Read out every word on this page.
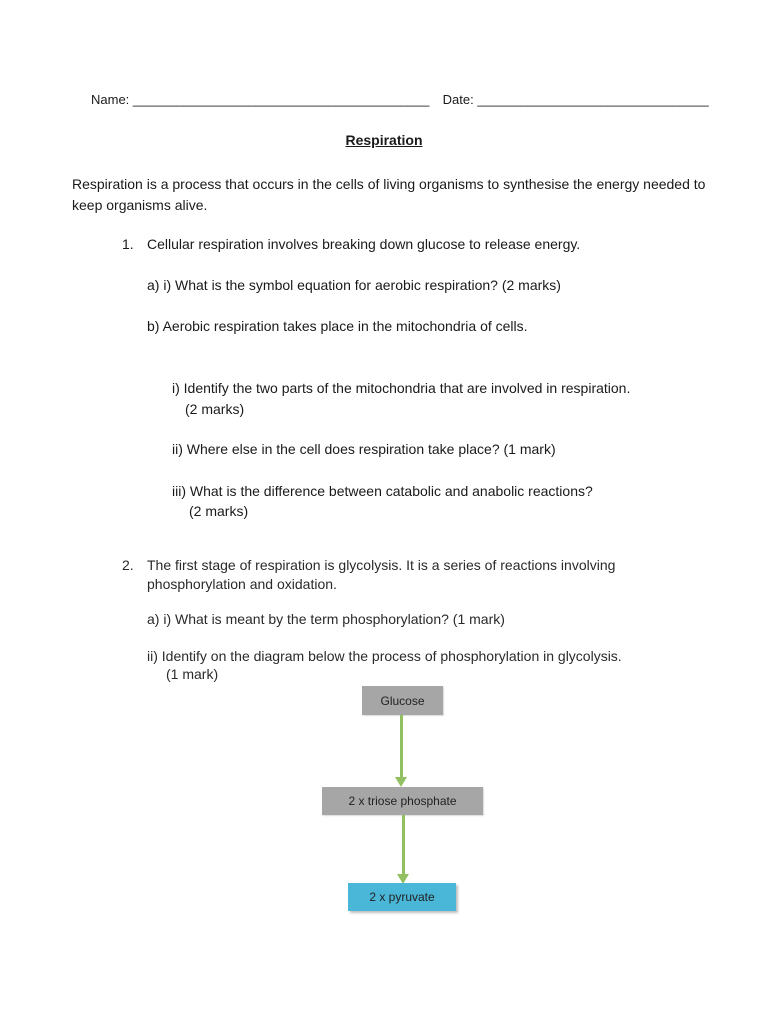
Name: _________________________________________ Date: ________________________________
Respiration
Respiration is a process that occurs in the cells of living organisms to synthesise the energy needed to keep organisms alive.
1. Cellular respiration involves breaking down glucose to release energy.
a) i) What is the symbol equation for aerobic respiration? (2 marks)
b) Aerobic respiration takes place in the mitochondria of cells.
i) Identify the two parts of the mitochondria that are involved in respiration.
(2 marks)
ii) Where else in the cell does respiration take place? (1 mark)
iii) What is the difference between catabolic and anabolic reactions?
(2 marks)
2. The first stage of respiration is glycolysis. It is a series of reactions involving
phosphorylation and oxidation.
a) i) What is meant by the term phosphorylation? (1 mark)
ii) Identify on the diagram below the process of phosphorylation in glycolysis.
(1 mark)
Glucose
2 x triose phosphate
2 x pyruvate
